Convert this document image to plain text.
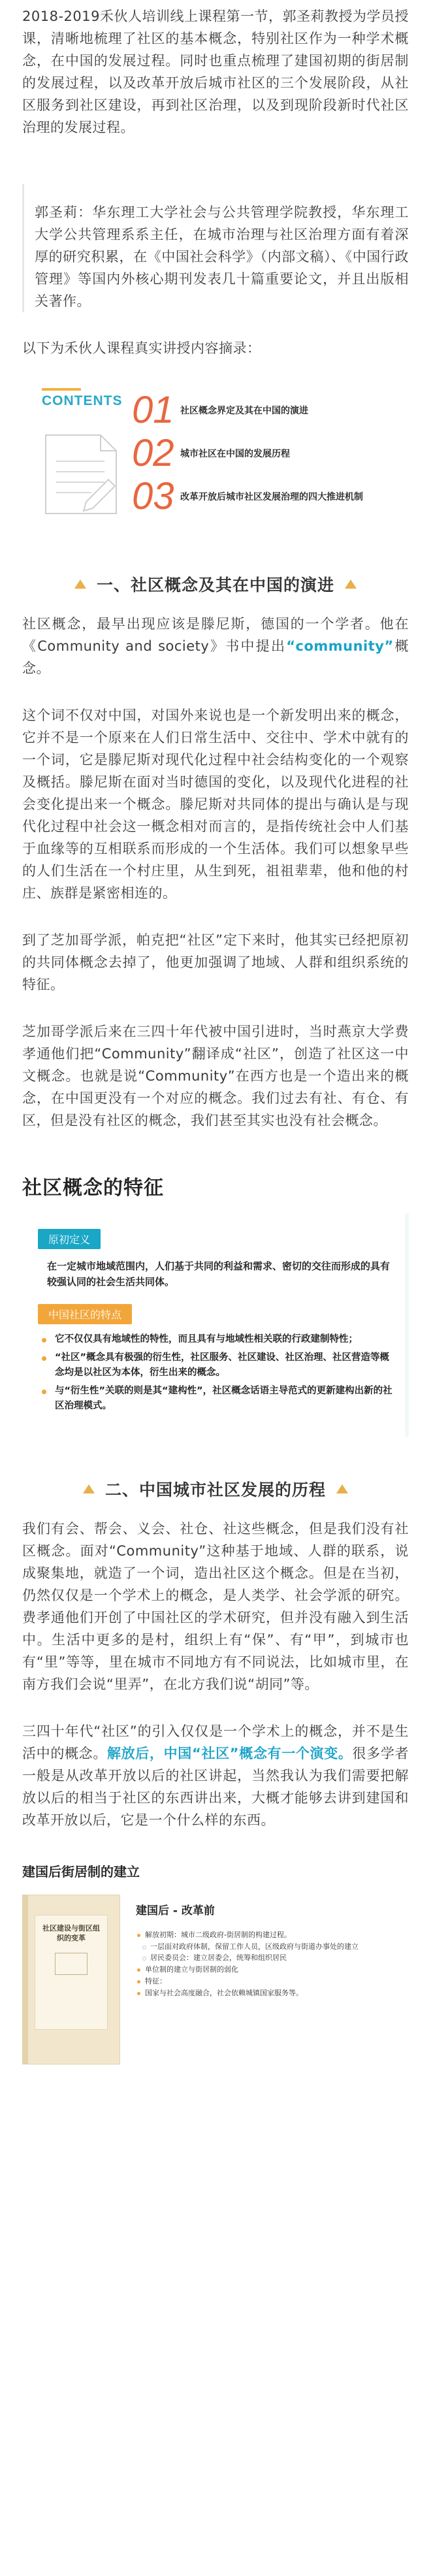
2018-2019禾伙人培训线上课程第一节，郭圣莉教授为学员授课，清晰地梳理了社区的基本概念，特别社区作为一种学术概念，在中国的发展过程。同时也重点梳理了建国初期的街居制的发展过程，以及改革开放后城市社区的三个发展阶段，从社区服务到社区建设，再到社区治理，以及到现阶段新时代社区治理的发展过程。

郭圣莉：华东理工大学社会与公共管理学院教授，华东理工大学公共管理系系主任，在城市治理与社区治理方面有着深厚的研究积累，在《中国社会科学》（内部文稿）、《中国行政管理》等国内外核心期刊发表几十篇重要论文，并且出版相关著作。

以下为禾伙人课程真实讲授内容摘录：

CONTENTS 01 社区概念界定及其在中国的演进
02 城市社区在中国的发展历程
03 改革开放后城市社区发展治理的四大推进机制
一、社区概念及其在中国的演进

社区概念，最早出现应该是滕尼斯，德国的一个学者。他在《Community and society》书中提出“community”概念。

这个词不仅对中国，对国外来说也是一个新发明出来的概念，它并不是一个原来在人们日常生活中、交往中、学术中就有的一个词，它是滕尼斯对现代化过程中社会结构变化的一个观察及概括。滕尼斯在面对当时德国的变化，以及现代化进程的社会变化提出来一个概念。滕尼斯对共同体的提出与确认是与现代化过程中社会这一概念相对而言的，是指传统社会中人们基于血缘等的互相联系而形成的一个生活体。我们可以想象早些的人们生活在一个村庄里，从生到死，祖祖辈辈，他和他的村庄、族群是紧密相连的。

到了芝加哥学派，帕克把“社区”定下来时，他其实已经把原初的共同体概念去掉了，他更加强调了地域、人群和组织系统的特征。

芝加哥学派后来在三四十年代被中国引进时，当时燕京大学费孝通他们把“Community”翻译成“社区”，创造了社区这一中文概念。也就是说“Community”在西方也是一个造出来的概念，在中国更没有一个对应的概念。我们过去有社、有仓、有区，但是没有社区的概念，我们甚至其实也没有社会概念。

社区概念的特征
原初定义

在一定城市地域范围内，人们基于共同的利益和需求、密切的交往而形成的具有较强认同的社会生活共同体。

中国社区的特点
它不仅仅具有地域性的特性，而且具有与地域性相关联的行政建制特性；
“社区”概念具有极强的衍生性，社区服务、社区建设、社区治理、社区营造等概念均是以社区为本体，衍生出来的概念。
与“衍生性”关联的则是其“建构性”，社区概念话语主导范式的更新建构出新的社区治理模式。
二、中国城市社区发展的历程

我们有会、帮会、义会、社仓、社这些概念，但是我们没有社区概念。面对“Community”这种基于地域、人群的联系，说成聚集地，就造了一个词，造出社区这个概念。但是在当初，仍然仅仅是一个学术上的概念，是人类学、社会学派的研究。费孝通他们开创了中国社区的学术研究，但并没有融入到生活中。生活中更多的是村，组织上有“保”、有“甲”，到城市也有“里”等等，里在城市不同地方有不同说法，比如城市里，在南方我们会说“里弄”，在北方我们说“胡同”等。

三四十年代“社区”的引入仅仅是一个学术上的概念，并不是生活中的概念。解放后，中国“社区”概念有一个演变。很多学者一般是从改革开放以后的社区讲起，当然我认为我们需要把解放以后的相当于社区的东西讲出来，大概才能够去讲到建国和改革开放以后，它是一个什么样的东西。

建国后街居制的建立
社区建设与街区组织的变革
建国后 - 改革前
解放初期：城市二级政府-街居制的构建过程。
一层面对政府体制，保留工作人员，区级政府与街道办事处的建立
居民委员会：建立居委会，统筹和组织居民
单位制的建立与街居制的弱化
特征：
国家与社会高度融合，社会依赖城镇国家服务等。
